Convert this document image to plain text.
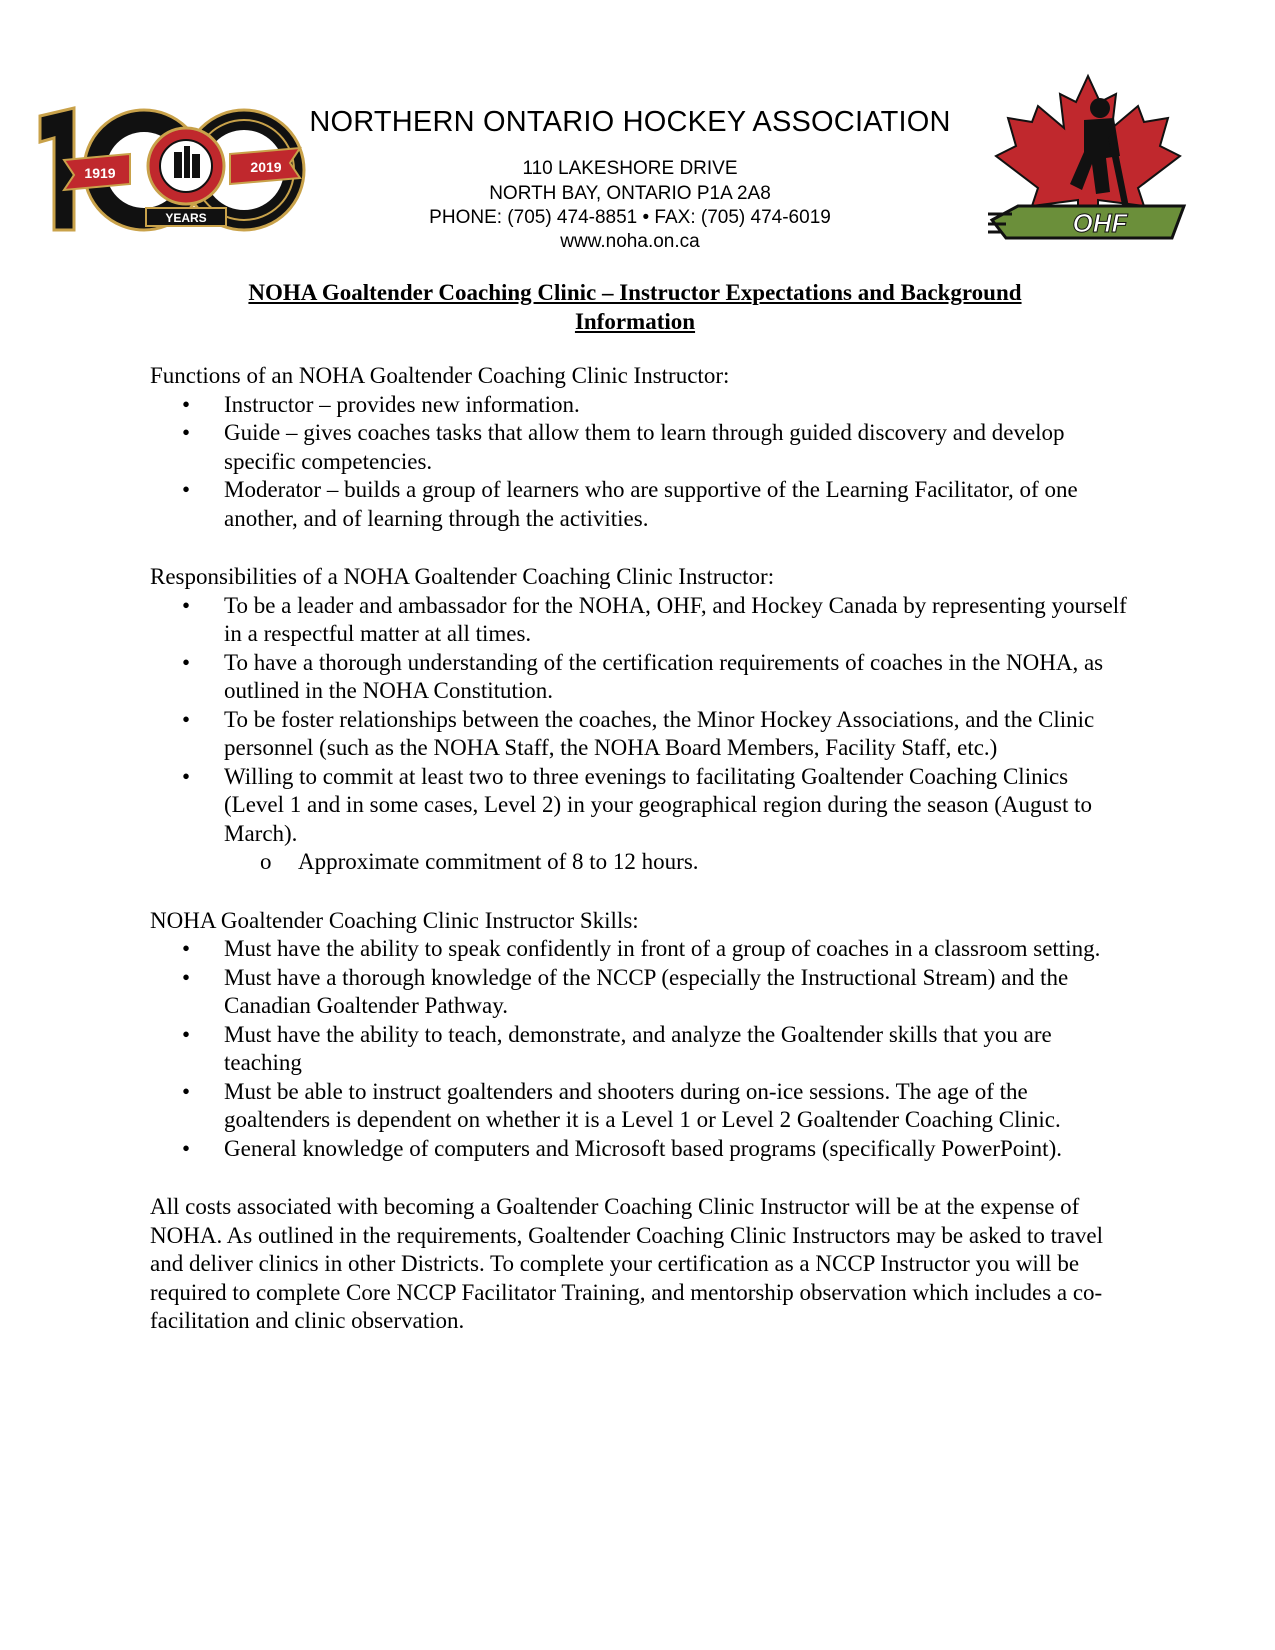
1919	2019
YEARS
NORTHERN ONTARIO HOCKEY ASSOCIATION
110 LAKESHORE DRIVE
NORTH BAY, ONTARIO P1A 2A8
PHONE: (705) 474-8851 • FAX: (705) 474-6019
www.noha.on.ca
OHF
NOHA Goaltender Coaching Clinic – Instructor Expectations and Background Information

Functions of an NOHA Goaltender Coaching Clinic Instructor:

• Instructor – provides new information.
• Guide – gives coaches tasks that allow them to learn through guided discovery and develop specific competencies.
• Moderator – builds a group of learners who are supportive of the Learning Facilitator, of one another, and of learning through the activities.

Responsibilities of a NOHA Goaltender Coaching Clinic Instructor:

• To be a leader and ambassador for the NOHA, OHF, and Hockey Canada by representing yourself in a respectful matter at all times.
• To have a thorough understanding of the certification requirements of coaches in the NOHA, as outlined in the NOHA Constitution.
• To be foster relationships between the coaches, the Minor Hockey Associations, and the Clinic personnel (such as the NOHA Staff, the NOHA Board Members, Facility Staff, etc.)
• Willing to commit at least two to three evenings to facilitating Goaltender Coaching Clinics (Level 1 and in some cases, Level 2) in your geographical region during the season (August to March).
o Approximate commitment of 8 to 12 hours.

NOHA Goaltender Coaching Clinic Instructor Skills:

• Must have the ability to speak confidently in front of a group of coaches in a classroom setting.
• Must have a thorough knowledge of the NCCP (especially the Instructional Stream) and the Canadian Goaltender Pathway.
• Must have the ability to teach, demonstrate, and analyze the Goaltender skills that you are teaching
• Must be able to instruct goaltenders and shooters during on-ice sessions. The age of the goaltenders is dependent on whether it is a Level 1 or Level 2 Goaltender Coaching Clinic.
• General knowledge of computers and Microsoft based programs (specifically PowerPoint).

All costs associated with becoming a Goaltender Coaching Clinic Instructor will be at the expense of NOHA. As outlined in the requirements, Goaltender Coaching Clinic Instructors may be asked to travel and deliver clinics in other Districts. To complete your certification as a NCCP Instructor you will be required to complete Core NCCP Facilitator Training, and mentorship observation which includes a co-facilitation and clinic observation.
